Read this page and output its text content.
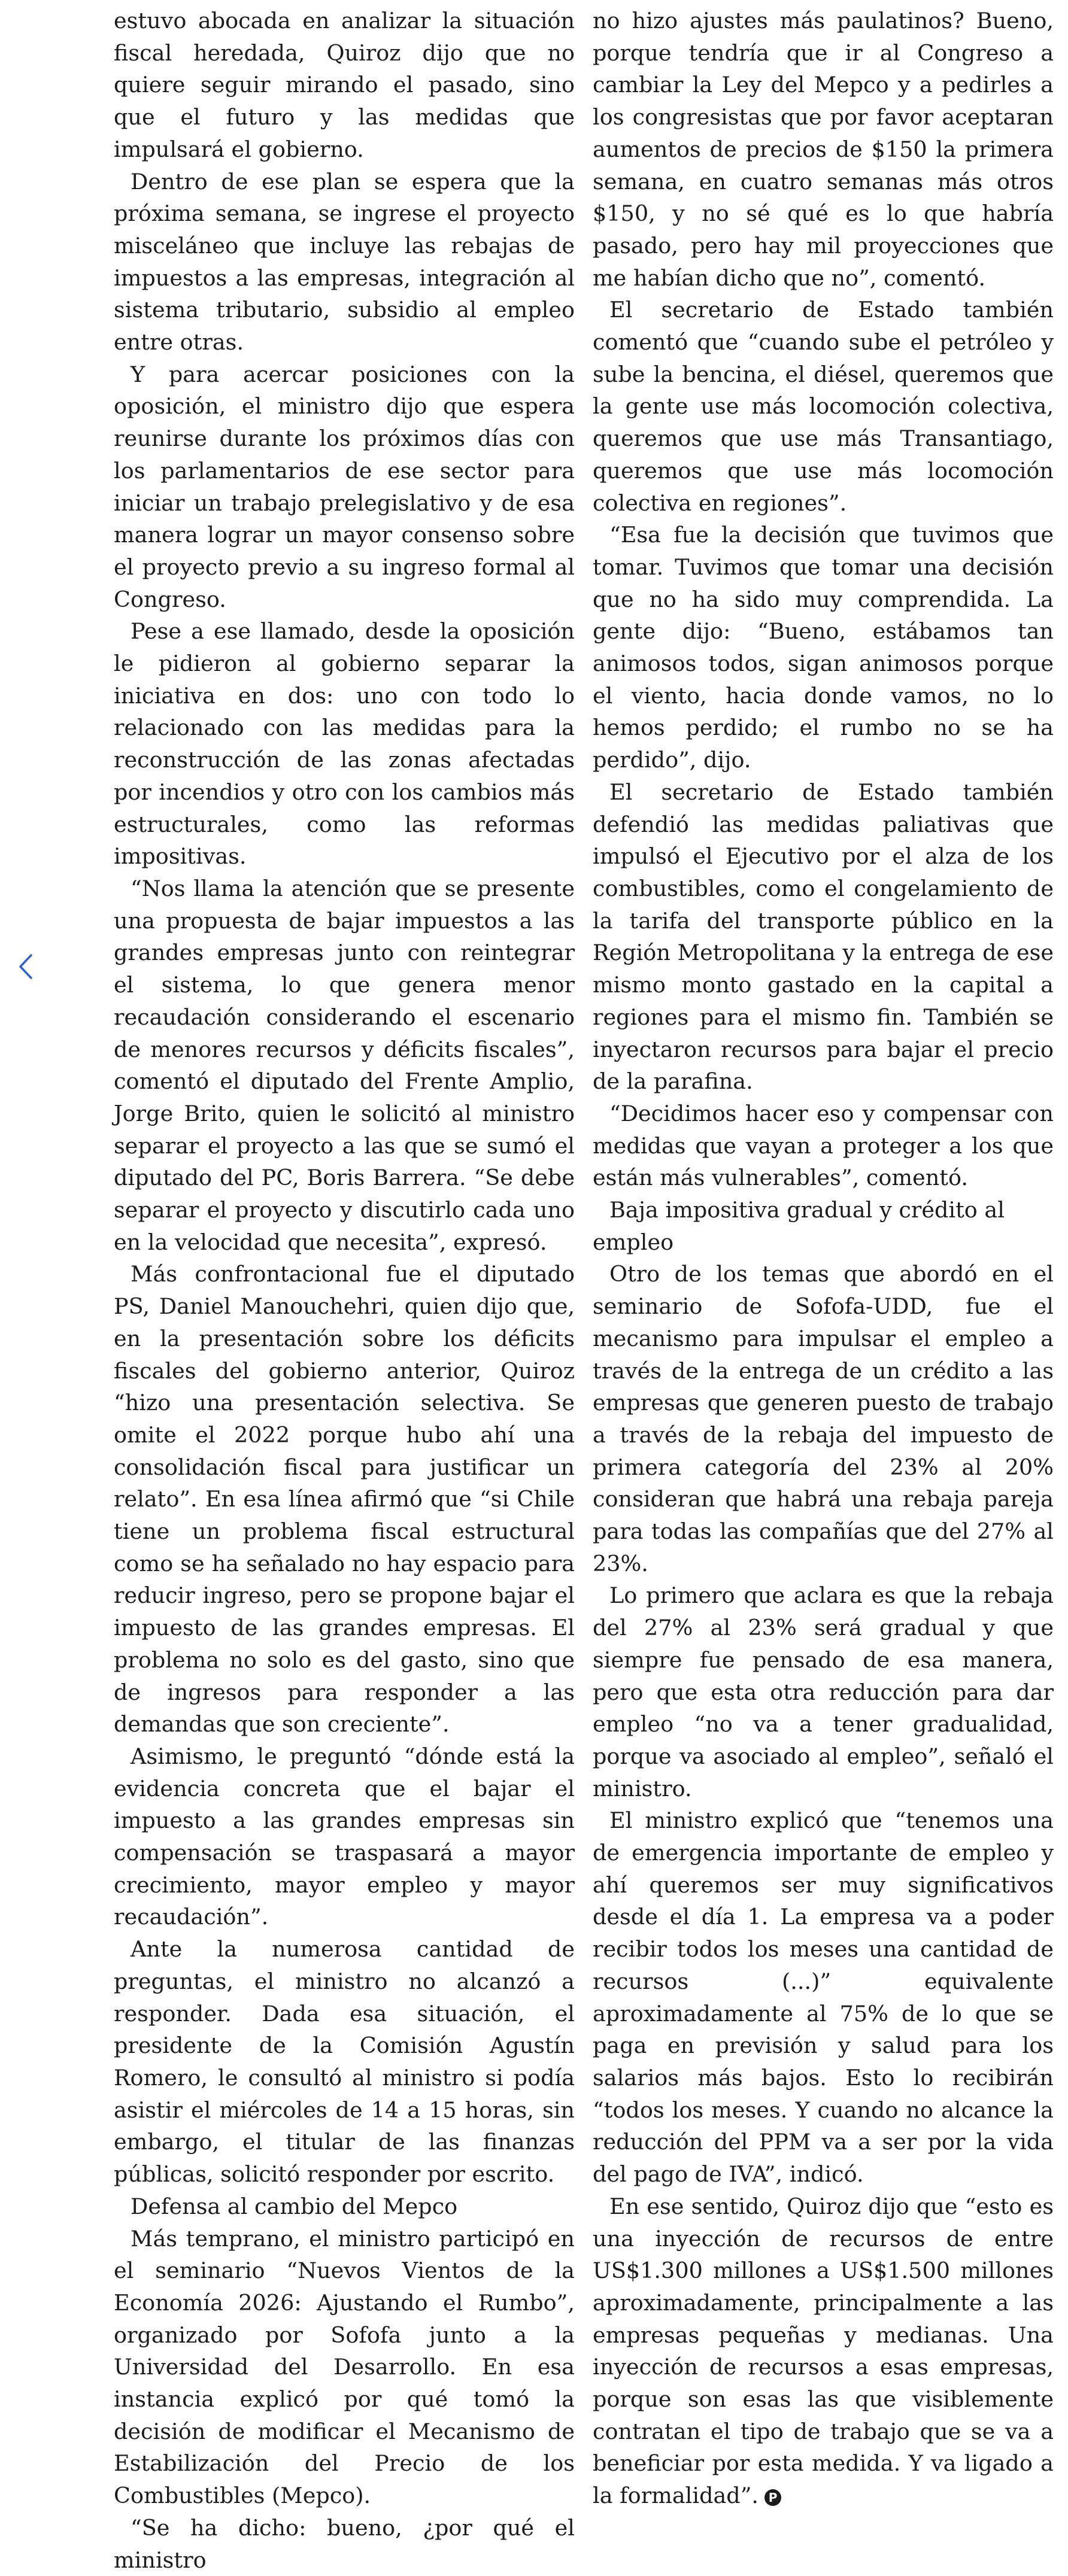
estuvo abocada en analizar la situación fiscal heredada, Quiroz dijo que no quiere seguir mirando el pasado, sino que el futuro y las medidas que impulsará el gobierno.

Dentro de ese plan se espera que la próxima semana, se ingrese el proyecto misceláneo que incluye las rebajas de impuestos a las empresas, integración al sistema tributario, subsidio al empleo entre otras.

Y para acercar posiciones con la oposición, el ministro dijo que espera reunirse durante los próximos días con los parlamentarios de ese sector para iniciar un trabajo prelegislativo y de esa manera lograr un mayor consenso sobre el proyecto previo a su ingreso formal al Congreso.

Pese a ese llamado, desde la oposición le pidieron al gobierno separar la iniciativa en dos: uno con todo lo relacionado con las medidas para la reconstrucción de las zonas afectadas por incendios y otro con los cambios más estructurales, como las reformas impositivas.

“Nos llama la atención que se presente una propuesta de bajar impuestos a las grandes empresas junto con reintegrar el sistema, lo que genera menor recaudación considerando el escenario de menores recursos y déficits fiscales”, comentó el diputado del Frente Amplio, Jorge Brito, quien le solicitó al ministro separar el proyecto a las que se sumó el diputado del PC, Boris Barrera. “Se debe separar el proyecto y discutirlo cada uno en la velocidad que necesita”, expresó.

Más confrontacional fue el diputado PS, Daniel Manouchehri, quien dijo que, en la presentación sobre los déficits fiscales del gobierno anterior, Quiroz “hizo una presentación selectiva. Se omite el 2022 porque hubo ahí una consolidación fiscal para justificar un relato”. En esa línea afirmó que “si Chile tiene un problema fiscal estructural como se ha señalado no hay espacio para reducir ingreso, pero se propone bajar el impuesto de las grandes empresas. El problema no solo es del gasto, sino que de ingresos para responder a las demandas que son creciente”.

Asimismo, le preguntó “dónde está la evidencia concreta que el bajar el impuesto a las grandes empresas sin compensación se traspasará a mayor crecimiento, mayor empleo y mayor recaudación”.

Ante la numerosa cantidad de preguntas, el ministro no alcanzó a responder. Dada esa situación, el presidente de la Comisión Agustín Romero, le consultó al ministro si podía asistir el miércoles de 14 a 15 horas, sin embargo, el titular de las finanzas públicas, solicitó responder por escrito.

Defensa al cambio del Mepco

Más temprano, el ministro participó en el seminario “Nuevos Vientos de la Economía 2026: Ajustando el Rumbo”, organizado por Sofofa junto a la Universidad del Desarrollo. En esa instancia explicó por qué tomó la decisión de modificar el Mecanismo de Estabilización del Precio de los Combustibles (Mepco).

“Se ha dicho: bueno, ¿por qué el ministro

no hizo ajustes más paulatinos? Bueno, porque tendría que ir al Congreso a cambiar la Ley del Mepco y a pedirles a los congresistas que por favor aceptaran aumentos de precios de $150 la primera semana, en cuatro semanas más otros $150, y no sé qué es lo que habría pasado, pero hay mil proyecciones que me habían dicho que no”, comentó.

El secretario de Estado también comentó que “cuando sube el petróleo y sube la bencina, el diésel, queremos que la gente use más locomoción colectiva, queremos que use más Transantiago, queremos que use más locomoción colectiva en regiones”.

“Esa fue la decisión que tuvimos que tomar. Tuvimos que tomar una decisión que no ha sido muy comprendida. La gente dijo: “Bueno, estábamos tan animosos todos, sigan animosos porque el viento, hacia donde vamos, no lo hemos perdido; el rumbo no se ha perdido”, dijo.

El secretario de Estado también defendió las medidas paliativas que impulsó el Ejecutivo por el alza de los combustibles, como el congelamiento de la tarifa del transporte público en la Región Metropolitana y la entrega de ese mismo monto gastado en la capital a regiones para el mismo fin. También se inyectaron recursos para bajar el precio de la parafina.

“Decidimos hacer eso y compensar con medidas que vayan a proteger a los que están más vulnerables”, comentó.

Baja impositiva gradual y crédito al empleo

Otro de los temas que abordó en el seminario de Sofofa-UDD, fue el mecanismo para impulsar el empleo a través de la entrega de un crédito a las empresas que generen puesto de trabajo a través de la rebaja del impuesto de primera categoría del 23% al 20% consideran que habrá una rebaja pareja para todas las compañías que del 27% al 23%.

Lo primero que aclara es que la rebaja del 27% al 23% será gradual y que siempre fue pensado de esa manera, pero que esta otra reducción para dar empleo “no va a tener gradualidad, porque va asociado al empleo”, señaló el ministro.

El ministro explicó que “tenemos una de emergencia importante de empleo y ahí queremos ser muy significativos desde el día 1. La empresa va a poder recibir todos los meses una cantidad de recursos (...)” equivalente aproximadamente al 75% de lo que se paga en previsión y salud para los salarios más bajos. Esto lo recibirán “todos los meses. Y cuando no alcance la reducción del PPM va a ser por la vida del pago de IVA”, indicó.

En ese sentido, Quiroz dijo que “esto es una inyección de recursos de entre US$1.300 millones a US$1.500 millones aproximadamente, principalmente a las empresas pequeñas y medianas. Una inyección de recursos a esas empresas, porque son esas las que visiblemente contratan el tipo de trabajo que se va a beneficiar por esta medida. Y va ligado a la formalidad”. P
